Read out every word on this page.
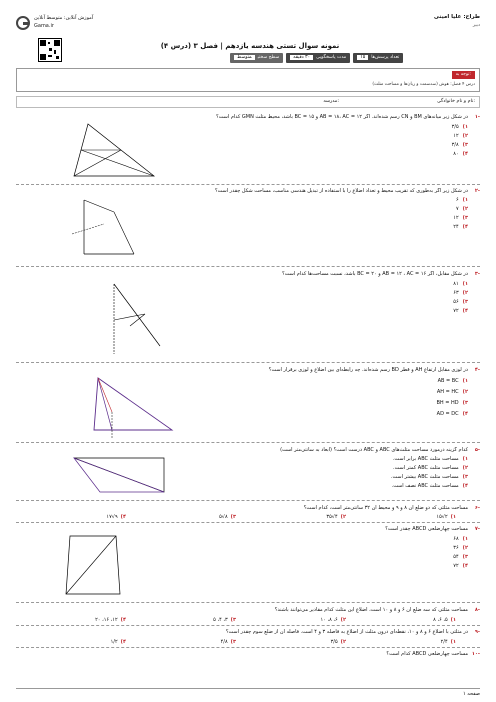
آموزش آنلاین: متوسط آنلاین
Gama.ir
طراح: علیا امینی
دبیر
نمونه سوال تستی هندسه یازدهم | فصل ۳ (درس ۴)
تعداد پرسش‌ها۱۵
مدت پاسخگویی۳۰ دقیقه
سطح سختیمتوسط
توجه به:
درس ۴ فصل: هوش (سه‌سمت و زبان‌ها و مساحت مثلث)
نام و نام خانوادگی:
مدرسه:
۱-
در شکل زیر میانه‌های BM و CN رسم شده‌اند. اگر AB = ۱۸، AC = ۱۲ و BC = ۱۵ باشد، محیط مثلث GMN کدام است؟
۱)۳/۵
۲)۱۲
۳)۳/۸
۴)۸۰
۲-
در شکل زیر اگر به‌طوری که تقریب محیط و تعداد اضلاع را با استفاده از تبدیل هندسی مناسب، مساحت شکل چقدر است؟
۱)۶
۲)۷
۳)۱۲
۴)۲۴
۳-
در شکل مقابل، اگر AB = ۱۲ ، AC = ۱۶ و BC = ۲۰ باشد، نسبت مساحت‌ها کدام است؟
۱)۸۱
۲)۶۳
۳)۵۶
۴)۷۲
۴-
در لوزی مقابل ارتفاع AH و قطر BD رسم شده‌اند. چه رابطه‌ای بین اضلاع و لوزی برقرار است؟
۱)AB = BC
۲)AH = HC
۳)BH = HD
۴)AD = DC
۵-
کدام گزینه درمورد مساحت مثلث‌های ABC و ABC درست است؟ (ابعاد به سانتی‌متر است)
۱)مساحت مثلث ABC برابر است.
۲)مساحت مثلث ABC کمتر است.
۳)مساحت مثلث ABC بیشتر است.
۴)مساحت مثلث ABC نصف است.
۶-
مساحت مثلثی که دو ضلع آن ۸ و ۹ و محیط آن ۳۲ سانتی‌متر است، کدام است؟
۱)۲√۱۵
۲)۴√۳۵
۳)۸√۵
۴)۹√۱۷
۷-
مساحت چهارضلعی ABCD چقدر است؟
۱)۶۸
۲)۳۶
۳)۵۴
۴)۷۲
۸-
مساحت مثلثی که سه ضلع آن ۶ و ۸ و ۱۰ است، اضلاع این مثلث کدام مقادیر می‌توانند باشند؟
۱)۵، ۶، ۸
۲)۶، ۸، ۱۰
۳)۳، ۴، ۵
۴)۱۲، ۱۶، ۲۰
۹-
در مثلثی با اضلاع ۶ و ۸ و ۱۰، نقطه‌ای درون مثلث از اضلاع به فاصله ۳ و ۴ است. فاصله آن از ضلع سوم چقدر است؟
۱)۲/۴
۲)۳/۵
۳)۴/۸
۴)۱/۲
۱۰-
مساحت چهارضلعی ABCD کدام است؟
صفحه ۱
